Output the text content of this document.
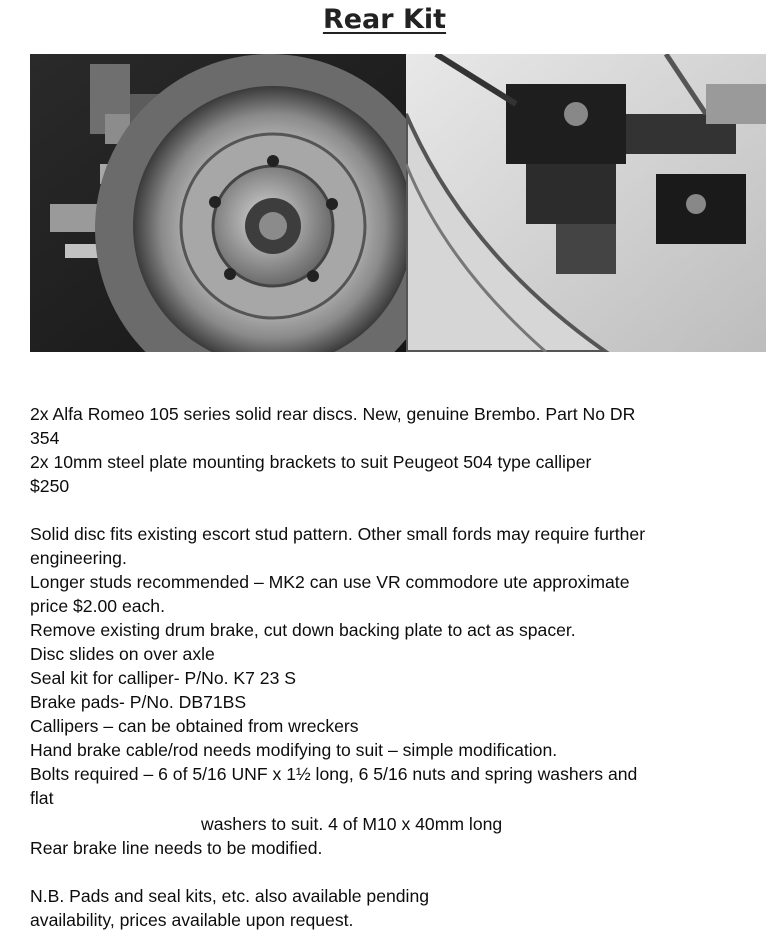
Rear Kit
2x Alfa Romeo 105 series solid rear discs. New, genuine Brembo. Part No DR
354
2x 10mm steel plate mounting brackets to suit Peugeot 504 type calliper
$250
Solid disc fits existing escort stud pattern. Other small fords may require further
engineering.
Longer studs recommended – MK2 can use VR commodore ute approximate
price $2.00 each.
Remove existing drum brake, cut down backing plate to act as spacer.
Disc slides on over axle
Seal kit for calliper- P/No. K7 23 S
Brake pads- P/No. DB71BS
Callipers – can be obtained from wreckers
Hand brake cable/rod needs modifying to suit – simple modification.
Bolts required – 6 of 5/16 UNF x 1½ long, 6 5/16 nuts and spring washers and
flat
washers to suit. 4 of M10 x 40mm long
Rear brake line needs to be modified.
N.B. Pads and seal kits, etc. also available pending
availability, prices available upon request.
